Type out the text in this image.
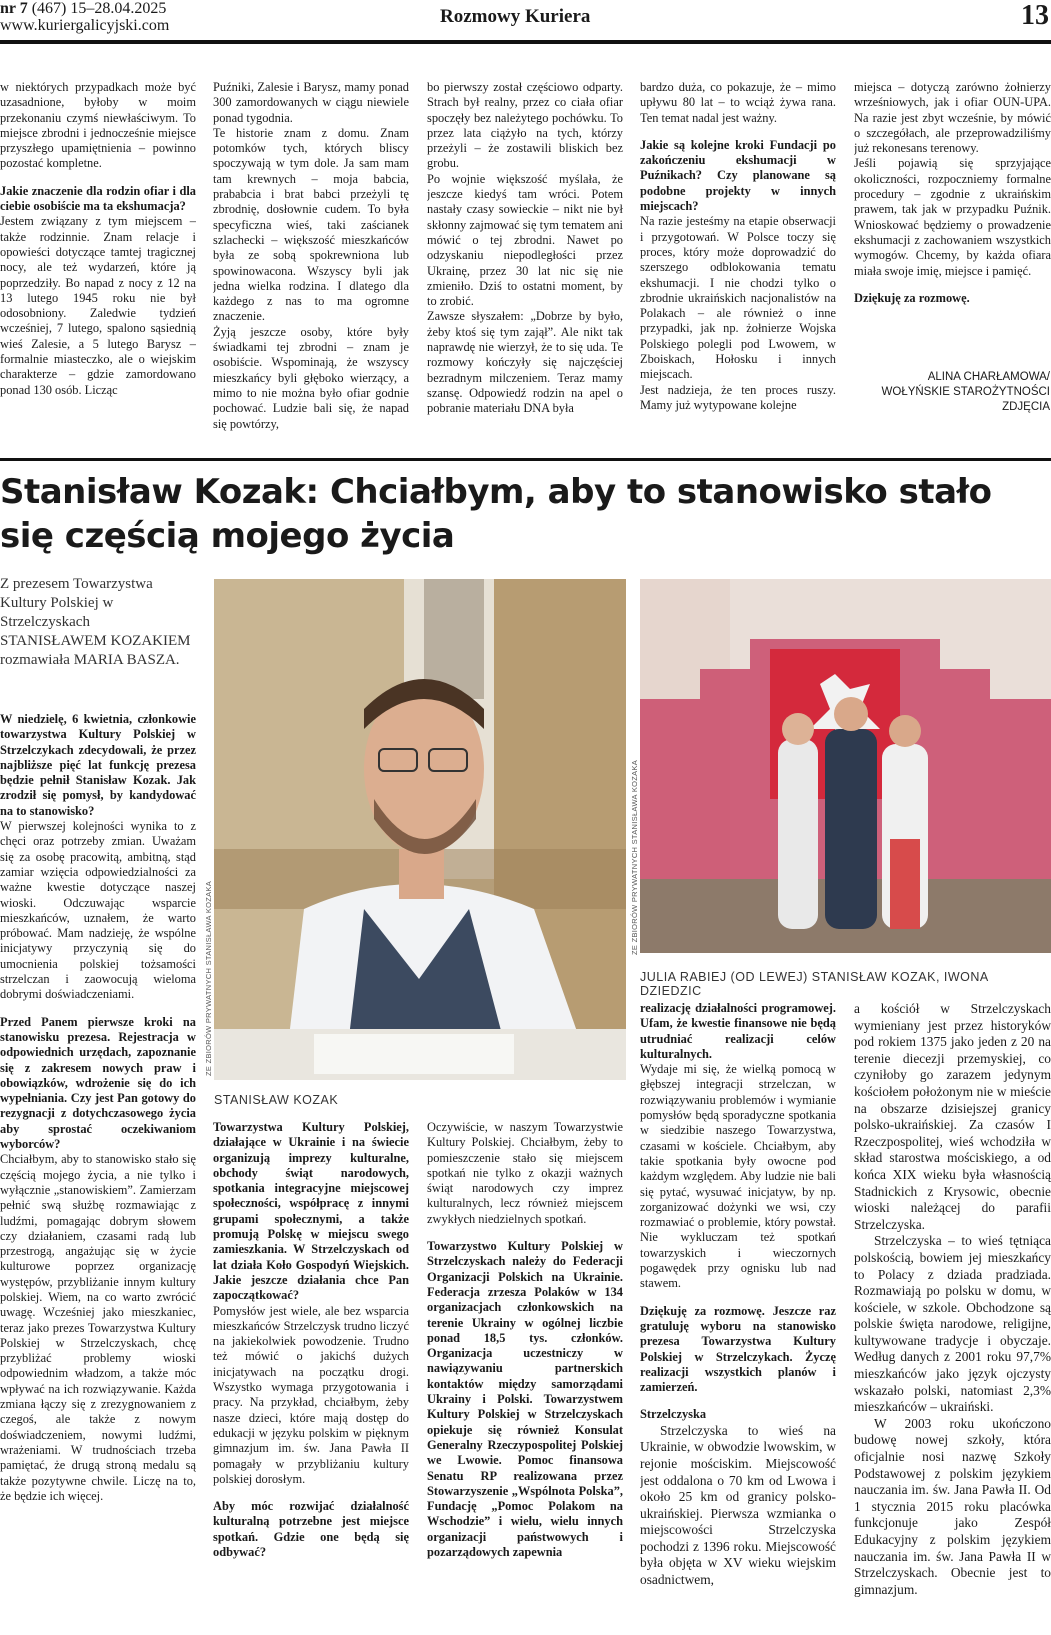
nr 7 (467) 15–28.04.2025
www.kuriergalicyjski.com	Rozmowy Kuriera	13

w niektórych przypadkach może być uzasadnione, byłoby w moim przekonaniu czymś niewłaściwym. To miejsce zbrodni i jednocześnie miejsce przyszłego upamiętnienia – powinno pozostać kompletne.

Jakie znaczenie dla rodzin ofiar i dla ciebie osobiście ma ta ekshumacja?

Jestem związany z tym miejscem – także rodzinnie. Znam relacje i opowieści dotyczące tamtej tragicznej nocy, ale też wydarzeń, które ją poprzedziły. Bo napad z nocy z 12 na 13 lutego 1945 roku nie był odosobniony. Zaledwie tydzień wcześniej, 7 lutego, spalono sąsiednią wieś Zalesie, a 5 lutego Barysz – formalnie miasteczko, ale o wiejskim charakterze – gdzie zamordowano ponad 130 osób. Licząc

Puźniki, Zalesie i Barysz, mamy ponad 300 zamordowanych w ciągu niewiele ponad tygodnia.

Te historie znam z domu. Znam potomków tych, których bliscy spoczywają w tym dole. Ja sam mam tam krewnych – moja babcia, prababcia i brat babci przeżyli tę zbrodnię, dosłownie cudem. To była specyficzna wieś, taki zaścianek szlachecki – większość mieszkańców była ze sobą spokrewniona lub spowinowacona. Wszyscy byli jak jedna wielka rodzina. I dlatego dla każdego z nas to ma ogromne znaczenie.

Żyją jeszcze osoby, które były świadkami tej zbrodni – znam je osobiście. Wspominają, że wszyscy mieszkańcy byli głęboko wierzący, a mimo to nie można było ofiar godnie pochować. Ludzie bali się, że napad się powtórzy,

bo pierwszy został częściowo odparty. Strach był realny, przez co ciała ofiar spoczęły bez należytego pochówku. To przez lata ciążyło na tych, którzy przeżyli – że zostawili bliskich bez grobu.

Po wojnie większość myślała, że jeszcze kiedyś tam wróci. Potem nastały czasy sowieckie – nikt nie był skłonny zajmować się tym tematem ani mówić o tej zbrodni. Nawet po odzyskaniu niepodległości przez Ukrainę, przez 30 lat nic się nie zmieniło. Dziś to ostatni moment, by to zrobić.

Zawsze słyszałem: „Dobrze by było, żeby ktoś się tym zajął”. Ale nikt tak naprawdę nie wierzył, że to się uda. Te rozmowy kończyły się najczęściej bezradnym milczeniem. Teraz mamy szansę. Odpowiedź rodzin na apel o pobranie materiału DNA była

bardzo duża, co pokazuje, że – mimo upływu 80 lat – to wciąż żywa rana. Ten temat nadal jest ważny.

Jakie są kolejne kroki Fundacji po zakończeniu ekshumacji w Puźnikach? Czy planowane są podobne projekty w innych miejscach?

Na razie jesteśmy na etapie obserwacji i przygotowań. W Polsce toczy się proces, który może doprowadzić do szerszego odblokowania tematu ekshumacji. I nie chodzi tylko o zbrodnie ukraińskich nacjonalistów na Polakach – ale również o inne przypadki, jak np. żołnierze Wojska Polskiego polegli pod Lwowem, w Zboiskach, Hołosku i innych miejscach.

Jest nadzieja, że ten proces ruszy. Mamy już wytypowane kolejne

miejsca – dotyczą zarówno żołnierzy wrześniowych, jak i ofiar OUN-UPA. Na razie jest zbyt wcześnie, by mówić o szczegółach, ale przeprowadziliśmy już rekonesans terenowy.

Jeśli pojawią się sprzyjające okoliczności, rozpoczniemy formalne procedury – zgodnie z ukraińskim prawem, tak jak w przypadku Puźnik. Wnioskować będziemy o prowadzenie ekshumacji z zachowaniem wszystkich wymogów. Chcemy, by każda ofiara miała swoje imię, miejsce i pamięć.

Dziękuję za rozmowę.

ALINA CHARŁAMOWA/
WOŁYŃSKIE STAROŻYTNOŚCI
ZDJĘCIA
Stanisław Kozak: Chciałbym, aby to stanowisko stało się częścią mojego życia
Z prezesem Towarzystwa Kultury Polskiej w Strzelczyskach STANISŁAWEM KOZAKIEM rozmawiała MARIA BASZA.
ZE ZBIORÓW PRYWATNYCH STANISŁAWA KOZAKA
STANISŁAW KOZAK
ZE ZBIORÓW PRYWATNYCH STANISŁAWA KOZAKA
JULIA RABIEJ (OD LEWEJ) STANISŁAW KOZAK, IWONA DZIEDZIC

W niedzielę, 6 kwietnia, członkowie towarzystwa Kultury Polskiej w Strzelczykach zdecydowali, że przez najbliższe pięć lat funkcję prezesa będzie pełnił Stanisław Kozak. Jak zrodził się pomysł, by kandydować na to stanowisko?

W pierwszej kolejności wynika to z chęci oraz potrzeby zmian. Uważam się za osobę pracowitą, ambitną, stąd zamiar wzięcia odpowiedzialności za ważne kwestie dotyczące naszej wioski. Odczuwając wsparcie mieszkańców, uznałem, że warto próbować. Mam nadzieję, że wspólne inicjatywy przyczynią się do umocnienia polskiej tożsamości strzelczan i zaowocują wieloma dobrymi doświadczeniami.

Przed Panem pierwsze kroki na stanowisku prezesa. Rejestracja w odpowiednich urzędach, zapoznanie się z zakresem nowych praw i obowiązków, wdrożenie się do ich wypełniania. Czy jest Pan gotowy do rezygnacji z dotychczasowego życia aby sprostać oczekiwaniom wyborców?

Chciałbym, aby to stanowisko stało się częścią mojego życia, a nie tylko i wyłącznie „stanowiskiem”. Zamierzam pełnić swą służbę rozmawiając z ludźmi, pomagając dobrym słowem czy działaniem, czasami radą lub przestrogą, angażując się w życie kulturowe poprzez organizację występów, przybliżanie innym kultury polskiej. Wiem, na co warto zwrócić uwagę. Wcześniej jako mieszkaniec, teraz jako prezes Towarzystwa Kultury Polskiej w Strzelczyskach, chcę przybliżać problemy wioski odpowiednim władzom, a także móc wpływać na ich rozwiązywanie. Każda zmiana łączy się z zrezygnowaniem z czegoś, ale także z nowym doświadczeniem, nowymi ludźmi, wrażeniami. W trudnościach trzeba pamiętać, że drugą stroną medalu są także pozytywne chwile. Liczę na to, że będzie ich więcej.

Towarzystwa Kultury Polskiej, działające w Ukrainie i na świecie organizują imprezy kulturalne, obchody świąt narodowych, spotkania integracyjne miejscowej społeczności, współpracę z innymi grupami społecznymi, a także promują Polskę w miejscu swego zamieszkania. W Strzelczyskach od lat działa Koło Gospodyń Wiejskich. Jakie jeszcze działania chce Pan zapoczątkować?

Pomysłów jest wiele, ale bez wsparcia mieszkańców Strzelczysk trudno liczyć na jakiekolwiek powodzenie. Trudno też mówić o jakichś dużych inicjatywach na początku drogi. Wszystko wymaga przygotowania i pracy. Na przykład, chciałbym, żeby nasze dzieci, które mają dostęp do edukacji w języku polskim w pięknym gimnazjum im. św. Jana Pawła II pomagały w przybliżaniu kultury polskiej dorosłym.

Aby móc rozwijać działalność kulturalną potrzebne jest miejsce spotkań. Gdzie one będą się odbywać?

Oczywiście, w naszym Towarzystwie Kultury Polskiej. Chciałbym, żeby to pomieszczenie stało się miejscem spotkań nie tylko z okazji ważnych świąt narodowych czy imprez kulturalnych, lecz również miejscem zwykłych niedzielnych spotkań.

Towarzystwo Kultury Polskiej w Strzelczyskach należy do Federacji Organizacji Polskich na Ukrainie. Federacja zrzesza Polaków w 134 organizacjach członkowskich na terenie Ukrainy w ogólnej liczbie ponad 18,5 tys. członków. Organizacja uczestniczy w nawiązywaniu partnerskich kontaktów między samorządami Ukrainy i Polski. Towarzystwem Kultury Polskiej w Strzelczyskach opiekuje się również Konsulat Generalny Rzeczypospolitej Polskiej we Lwowie. Pomoc finansowa Senatu RP realizowana przez Stowarzyszenie „Wspólnota Polska”, Fundację „Pomoc Polakom na Wschodzie” i wielu, wielu innych organizacji państwowych i pozarządowych zapewnia

realizację działalności programowej. Ufam, że kwestie finansowe nie będą utrudniać realizacji celów kulturalnych.

Wydaje mi się, że wielką pomocą w głębszej integracji strzelczan, w rozwiązywaniu problemów i wymianie pomysłów będą sporadyczne spotkania w siedzibie naszego Towarzystwa, czasami w kościele. Chciałbym, aby takie spotkania były owocne pod każdym względem. Aby ludzie nie bali się pytać, wysuwać inicjatyw, by np. zorganizować dożynki we wsi, czy rozmawiać o problemie, który powstał. Nie wykluczam też spotkań towarzyskich i wieczornych pogawędek przy ognisku lub nad stawem.

Dziękuję za rozmowę. Jeszcze raz gratuluję wyboru na stanowisko prezesa Towarzystwa Kultury Polskiej w Strzelczykach. Życzę realizacji wszystkich planów i zamierzeń.

Strzelczyska

Strzelczyska to wieś na Ukrainie, w obwodzie lwowskim, w rejonie mościskim. Miejscowość jest oddalona o 70 km od Lwowa i około 25 km od granicy polsko-ukraińskiej. Pierwsza wzmianka o miejscowości Strzelczyska pochodzi z 1396 roku. Miejscowość była objęta w XV wieku wiejskim osadnictwem,

a kościół w Strzelczyskach wymieniany jest przez historyków pod rokiem 1375 jako jeden z 20 na terenie diecezji przemyskiej, co czyniłoby go zarazem jedynym kościołem położonym nie w mieście na obszarze dzisiejszej granicy polsko-ukraińskiej. Za czasów I Rzeczpospolitej, wieś wchodziła w skład starostwa mościskiego, a od końca XIX wieku była własnością Stadnickich z Krysowic, obecnie wioski należącej do parafii Strzelczyska.

Strzelczyska – to wieś tętniąca polskością, bowiem jej mieszkańcy to Polacy z dziada pradziada. Rozmawiają po polsku w domu, w kościele, w szkole. Obchodzone są polskie święta narodowe, religijne, kultywowane tradycje i obyczaje. Według danych z 2001 roku 97,7% mieszkańców jako język ojczysty wskazało polski, natomiast 2,3% mieszkańców – ukraiński.

W 2003 roku ukończono budowę nowej szkoły, która oficjalnie nosi nazwę Szkoły Podstawowej z polskim językiem nauczania im. św. Jana Pawła II. Od 1 stycznia 2015 roku placówka funkcjonuje jako Zespół Edukacyjny z polskim językiem nauczania im. św. Jana Pawła II w Strzelczyskach. Obecnie jest to gimnazjum.
